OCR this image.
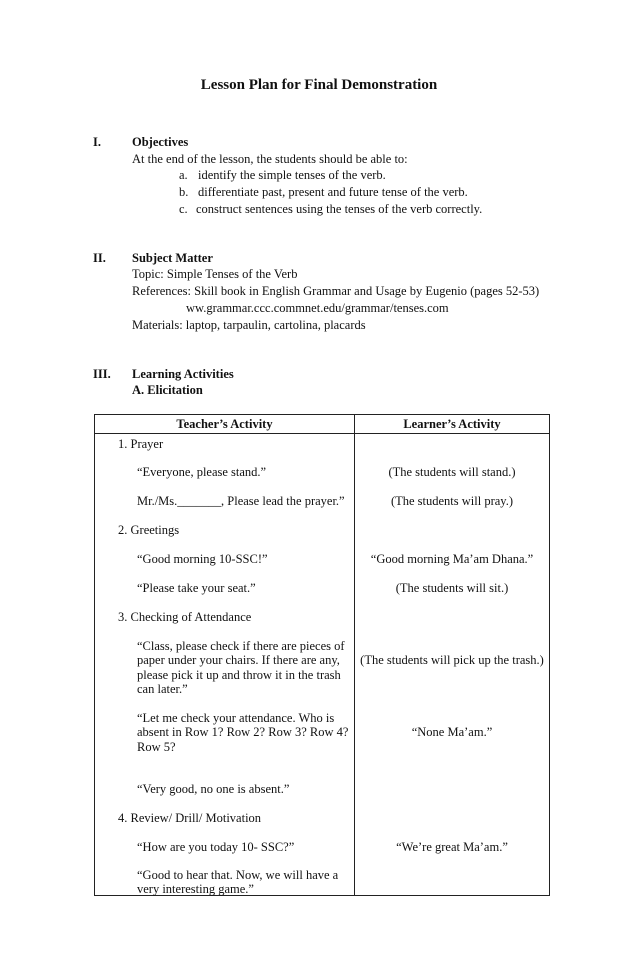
Lesson Plan for Final Demonstration
I. Objectives
At the end of the lesson, the students should be able to:
a. identify the simple tenses of the verb.
b. differentiate past, present and future tense of the verb.
c. construct sentences using the tenses of the verb correctly.
II. Subject Matter
Topic: Simple Tenses of the Verb
References: Skill book in English Grammar and Usage by Eugenio (pages 52-53)
ww.grammar.ccc.commnet.edu/grammar/tenses.com
Materials: laptop, tarpaulin, cartolina, placards
III. Learning Activities
A. Elicitation
Teacher’s Activity	Learner’s Activity
1. Prayer
“Everyone, please stand.”
Mr./Ms._______, Please lead the prayer.”
2. Greetings
“Good morning 10-SSC!”
“Please take your seat.”
3. Checking of Attendance
“Class, please check if there are pieces of
paper under your chairs. If there are any,
please pick it up and throw it in the trash
can later.”
“Let me check your attendance. Who is
absent in Row 1? Row 2? Row 3? Row 4?
Row 5?
“Very good, no one is absent.”
4. Review/ Drill/ Motivation
“How are you today 10- SSC?”
“Good to hear that. Now, we will have a
very interesting game.”
(The students will stand.)
(The students will pray.)
“Good morning Ma’am Dhana.”
(The students will sit.)
(The students will pick up the trash.)
“None Ma’am.”
“We’re great Ma’am.”
